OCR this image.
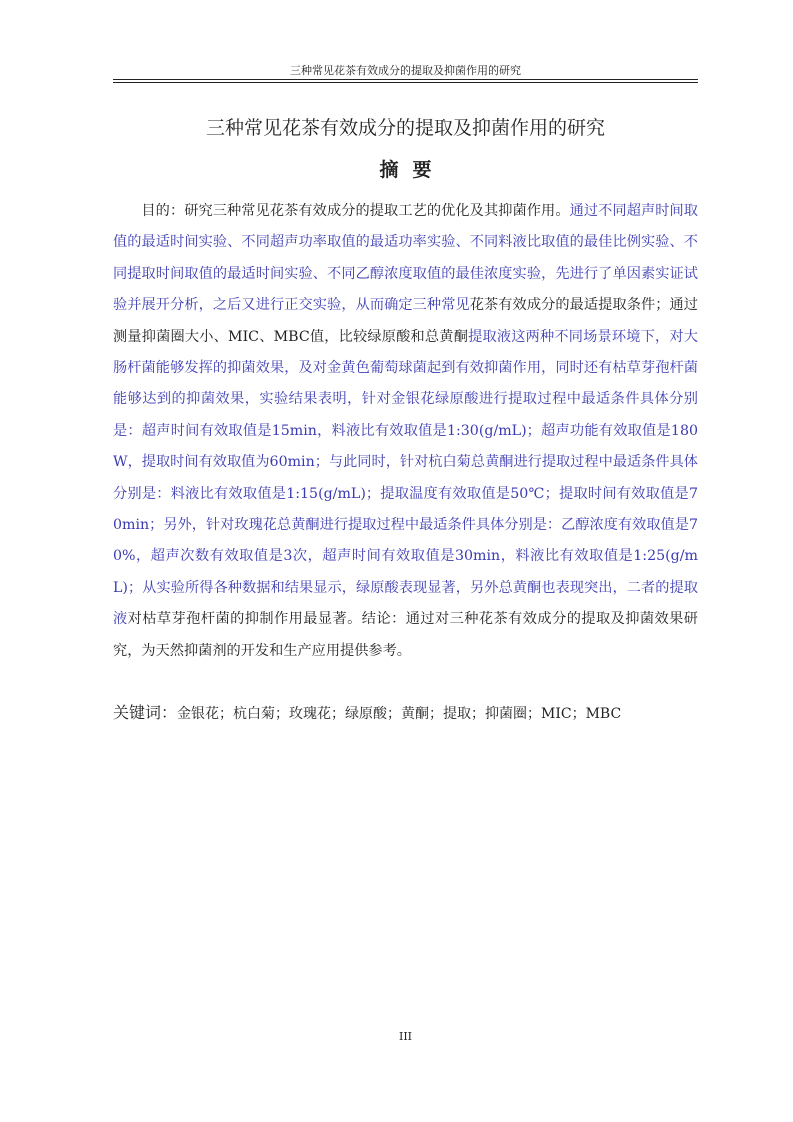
三种常见花茶有效成分的提取及抑菌作用的研究
三种常见花茶有效成分的提取及抑菌作用的研究
摘要
目的：研究三种常见花茶有效成分的提取工艺的优化及其抑菌作用。通过不同超声时间取值的最适时间实验、不同超声功率取值的最适功率实验、不同料液比取值的最佳比例实验、不同提取时间取值的最适时间实验、不同乙醇浓度取值的最佳浓度实验，先进行了单因素实证试验并展开分析，之后又进行正交实验，从而确定三种常见花茶有效成分的最适提取条件；通过测量抑菌圈大小、MIC、MBC值，比较绿原酸和总黄酮提取液这两种不同场景环境下，对大肠杆菌能够发挥的抑菌效果，及对金黄色葡萄球菌起到有效抑菌作用，同时还有枯草芽孢杆菌能够达到的抑菌效果，实验结果表明，针对金银花绿原酸进行提取过程中最适条件具体分别是：超声时间有效取值是15min，料液比有效取值是1:30(g/mL)；超声功能有效取值是180W，提取时间有效取值为60min；与此同时，针对杭白菊总黄酮进行提取过程中最适条件具体分别是：料液比有效取值是1:15(g/mL)；提取温度有效取值是50℃；提取时间有效取值是70min；另外，针对玫瑰花总黄酮进行提取过程中最适条件具体分别是：乙醇浓度有效取值是70%，超声次数有效取值是3次，超声时间有效取值是30min，料液比有效取值是1:25(g/mL)；从实验所得各种数据和结果显示，绿原酸表现显著，另外总黄酮也表现突出，二者的提取液对枯草芽孢杆菌的抑制作用最显著。结论：通过对三种花茶有效成分的提取及抑菌效果研究，为天然抑菌剂的开发和生产应用提供参考。
关键词：金银花；杭白菊；玫瑰花；绿原酸；黄酮；提取；抑菌圈；MIC；MBC
III
